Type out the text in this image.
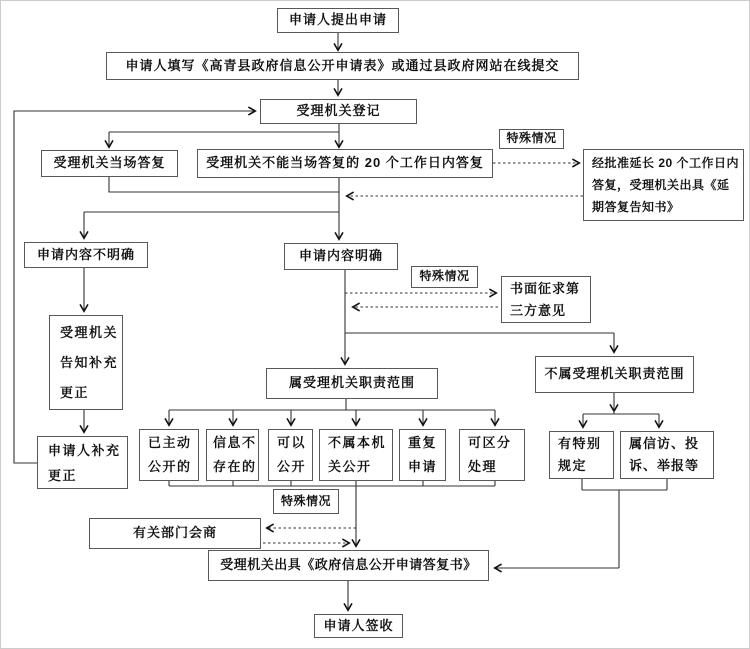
申请人提出申请
申请人填写《高青县政府信息公开申请表》或通过县政府网站在线提交
受理机关登记
受理机关当场答复	受理机关不能当场答复的 20 个工作日内答复
特殊情况
经批准延长 20 个工作日内答复，受理机关出具《延期答复告知书》
申请内容不明确	申请内容明确
特殊情况
书面征求第三方意见
受理机关告知补充更正
申请人补充更正
属受理机关职责范围
不属受理机关职责范围
已主动公开的
信息不存在的
可以公开
不属本机关公开
重复申请
可区分处理
有特别规定
属信访、投诉、举报等
特殊情况
有关部门会商
受理机关出具《政府信息公开申请答复书》
申请人签收
